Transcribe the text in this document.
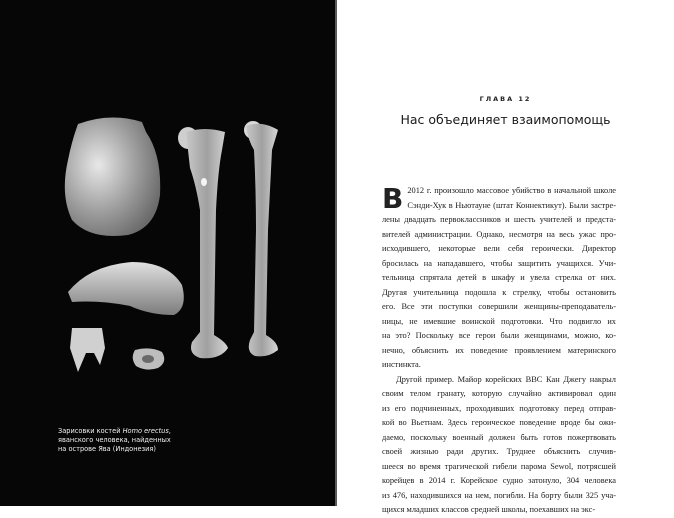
Зарисовки костей Homo erectus,
яванского человека, найденных
на острове Ява (Индонезия)
ГЛАВА 12
Нас объединяет взаимопомощь

В 2012 г. произошло массовое убийство в начальной школе
Сэнди-Хук в Ньютауне (штат Коннектикут). Были застре-
лены двадцать первоклассников и шесть учителей и предста-
вителей администрации. Однако, несмотря на весь ужас про-
исходившего, некоторые вели себя героически. Директор
бросилась на нападавшего, чтобы защитить учащихся. Учи-
тельница спрятала детей в шкафу и увела стрелка от них.
Другая учительница подошла к стрелку, чтобы остановить
его. Все эти поступки совершили женщины-преподаватель-
ницы, не имевшие воинской подготовки. Что подвигло их
на это? Поскольку все герои были женщинами, можно, ко-
нечно, объяснить их поведение проявлением материнского
инстинкта.

Другой пример. Майор корейских ВВС Кан Джегу накрыл
своим телом гранату, которую случайно активировал один
из его подчиненных, проходивших подготовку перед отправ-
кой во Вьетнам. Здесь героическое поведение вроде бы ожи-
даемо, поскольку военный должен быть готов пожертвовать
своей жизнью ради других. Труднее объяснить случив-
шееся во время трагической гибели парома Sewol, потрясшей
корейцев в 2014 г. Корейское судно затонуло, 304 человека
из 476, находившихся на нем, погибли. На борту были 325 уча-
щихся младших классов средней школы, поехавших на экс-
